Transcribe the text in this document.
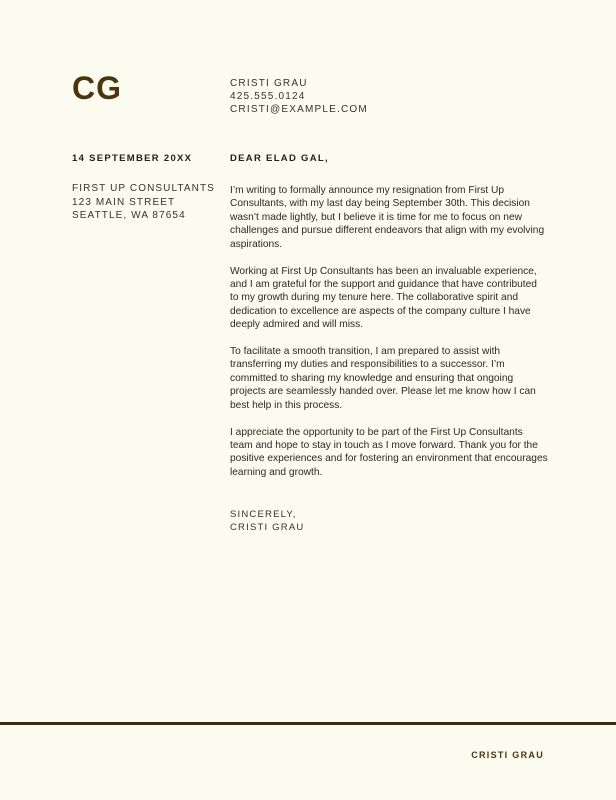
CG	CRISTI GRAU
425.555.0124
CRISTI@EXAMPLE.COM
14 SEPTEMBER 20XX
FIRST UP CONSULTANTS
123 MAIN STREET
SEATTLE, WA 87654
DEAR ELAD GAL,

I’m writing to formally announce my resignation from First Up Consultants, with my last day being September 30th. This decision wasn’t made lightly, but I believe it is time for me to focus on new challenges and pursue different endeavors that align with my evolving aspirations.

Working at First Up Consultants has been an invaluable experience, and I am grateful for the support and guidance that have contributed to my growth during my tenure here. The collaborative spirit and dedication to excellence are aspects of the company culture I have deeply admired and will miss.

To facilitate a smooth transition, I am prepared to assist with transferring my duties and responsibilities to a successor. I’m committed to sharing my knowledge and ensuring that ongoing projects are seamlessly handed over. Please let me know how I can best help in this process.

I appreciate the opportunity to be part of the First Up Consultants team and hope to stay in touch as I move forward. Thank you for the positive experiences and for fostering an environment that encourages learning and growth.

SINCERELY,
CRISTI GRAU
CRISTI GRAU
